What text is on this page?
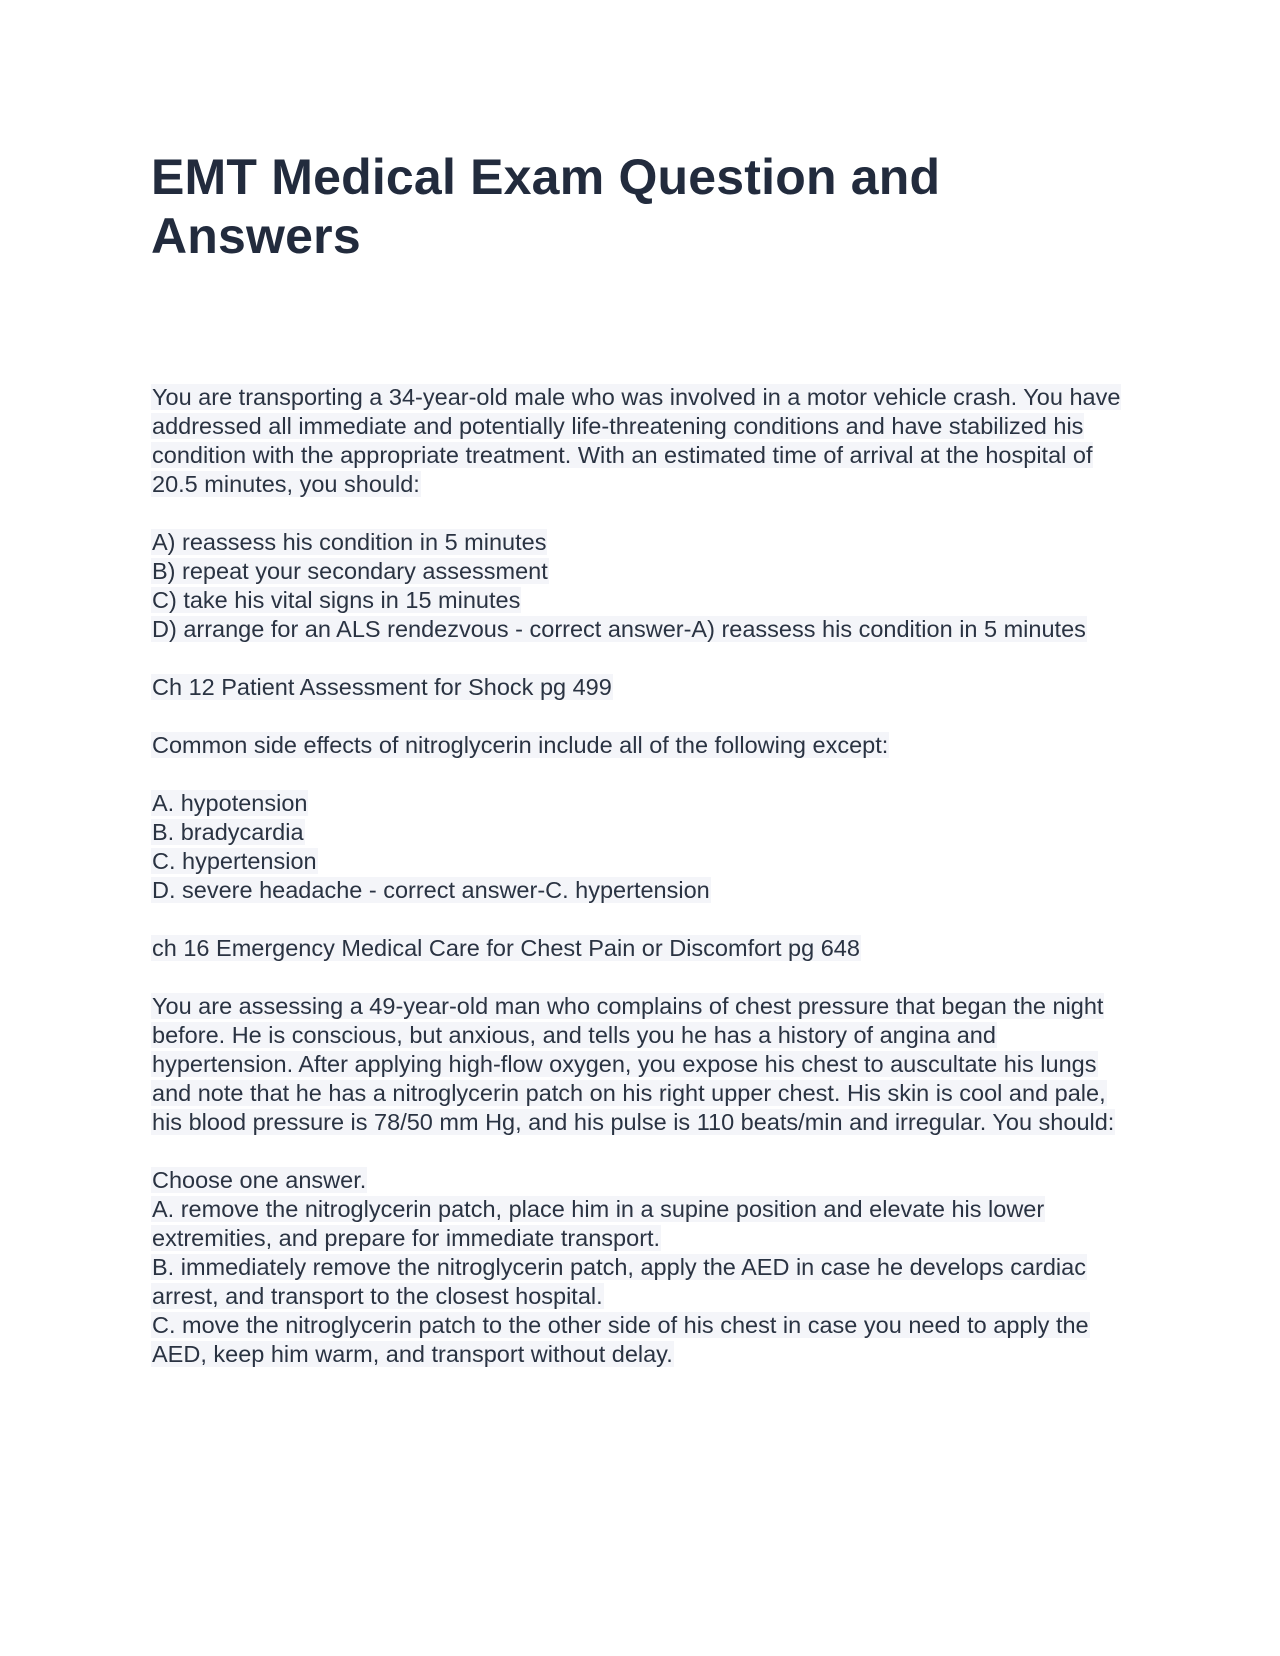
EMT Medical Exam Question and Answers
You are transporting a 34-year-old male who was involved in a motor vehicle crash. You have addressed all immediate and potentially life-threatening conditions and have stabilized his condition with the appropriate treatment. With an estimated time of arrival at the hospital of 20.5 minutes, you should:
A) reassess his condition in 5 minutes
B) repeat your secondary assessment
C) take his vital signs in 15 minutes
D) arrange for an ALS rendezvous - correct answer-A) reassess his condition in 5 minutes
Ch 12 Patient Assessment for Shock pg 499
Common side effects of nitroglycerin include all of the following except:
A. hypotension
B. bradycardia
C. hypertension
D. severe headache - correct answer-C. hypertension
ch 16 Emergency Medical Care for Chest Pain or Discomfort pg 648
You are assessing a 49-year-old man who complains of chest pressure that began the night before. He is conscious, but anxious, and tells you he has a history of angina and hypertension. After applying high-flow oxygen, you expose his chest to auscultate his lungs and note that he has a nitroglycerin patch on his right upper chest. His skin is cool and pale, his blood pressure is 78/50 mm Hg, and his pulse is 110 beats/min and irregular. You should:
Choose one answer.
A. remove the nitroglycerin patch, place him in a supine position and elevate his lower extremities, and prepare for immediate transport.
B. immediately remove the nitroglycerin patch, apply the AED in case he develops cardiac arrest, and transport to the closest hospital.
C. move the nitroglycerin patch to the other side of his chest in case you need to apply the AED, keep him warm, and transport without delay.
